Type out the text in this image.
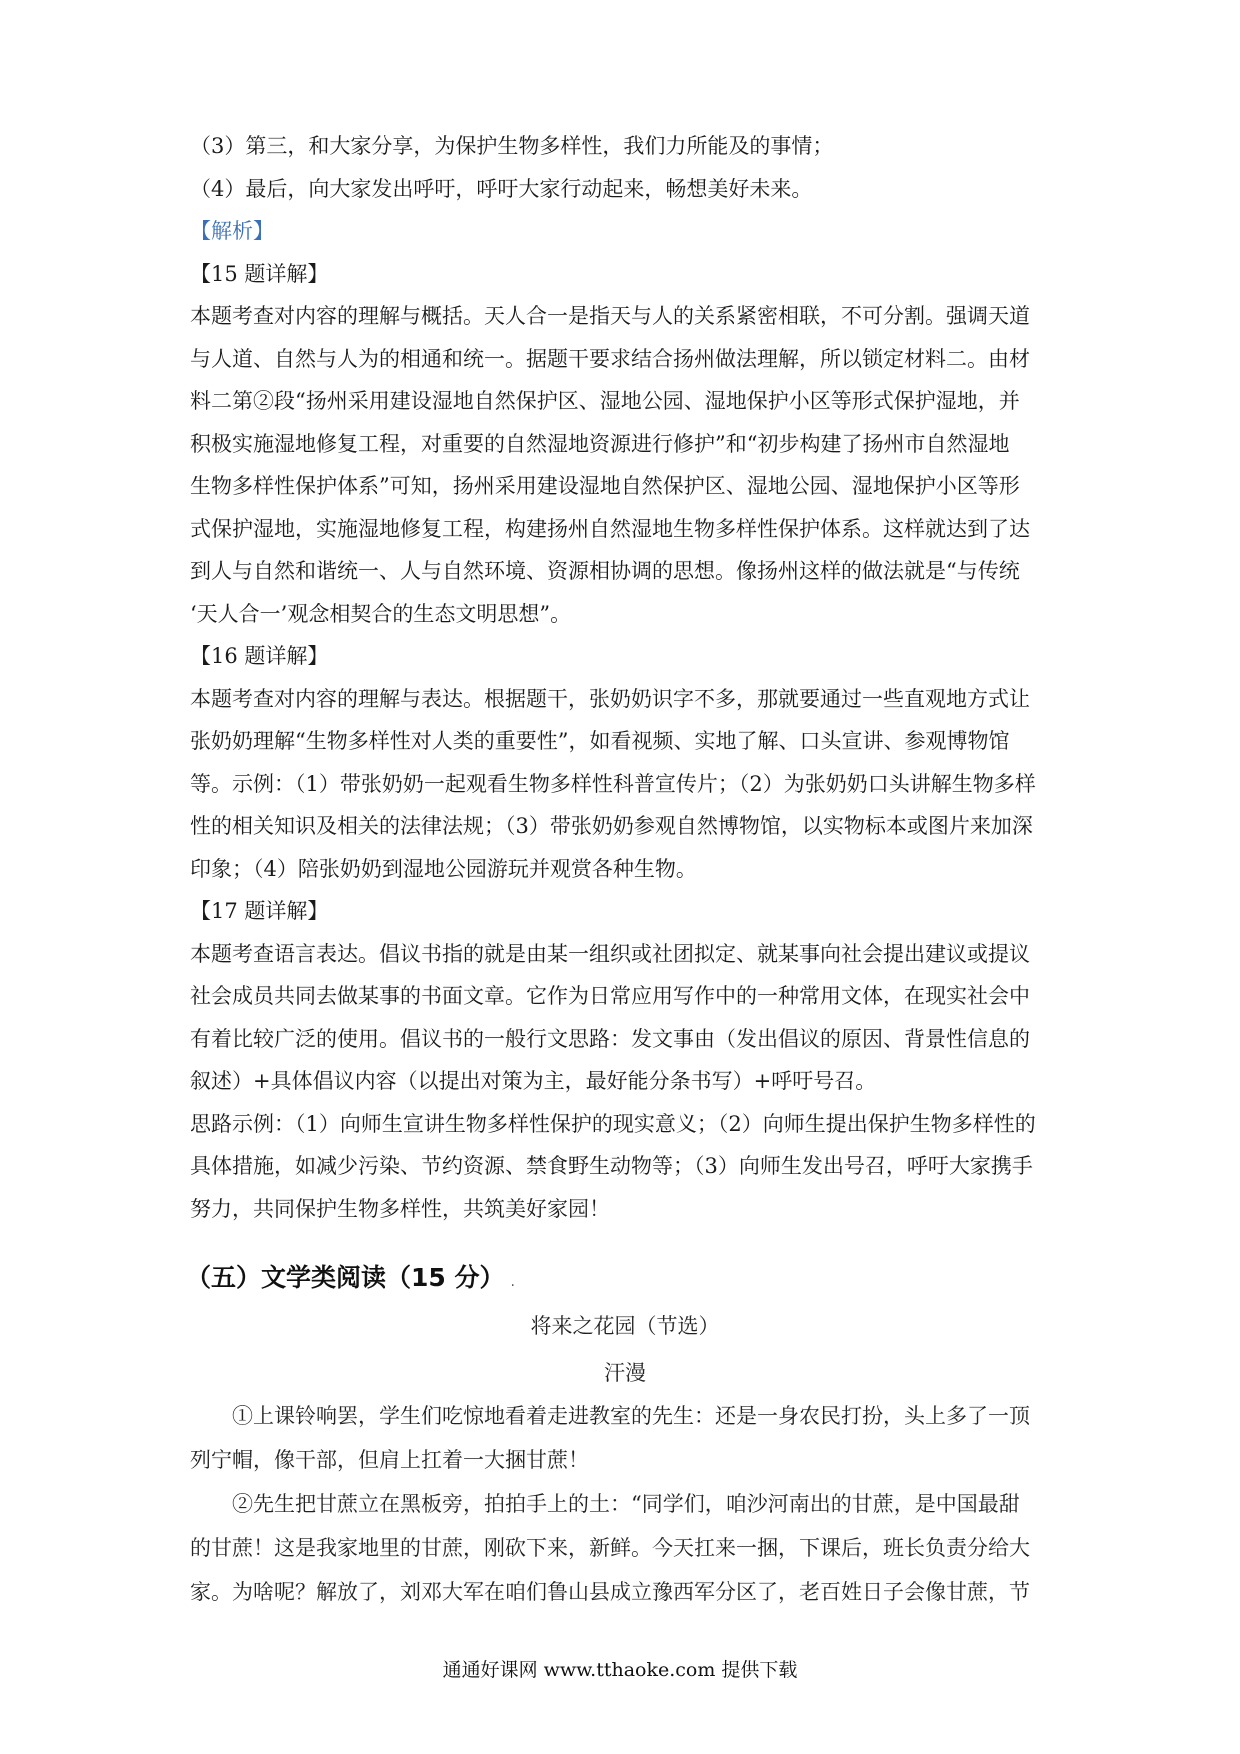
（3）第三，和大家分享，为保护生物多样性，我们力所能及的事情；
（4）最后，向大家发出呼吁，呼吁大家行动起来，畅想美好未来。
【解析】
【15 题详解】
本题考查对内容的理解与概括。天人合一是指天与人的关系紧密相联，不可分割。强调天道
与人道、自然与人为的相通和统一。据题干要求结合扬州做法理解，所以锁定材料二。由材
料二第②段“扬州采用建设湿地自然保护区、湿地公园、湿地保护小区等形式保护湿地，并
积极实施湿地修复工程，对重要的自然湿地资源进行修护”和“初步构建了扬州市自然湿地
生物多样性保护体系”可知，扬州采用建设湿地自然保护区、湿地公园、湿地保护小区等形
式保护湿地，实施湿地修复工程，构建扬州自然湿地生物多样性保护体系。这样就达到了达
到人与自然和谐统一、人与自然环境、资源相协调的思想。像扬州这样的做法就是“与传统
‘天人合一’观念相契合的生态文明思想”。
【16 题详解】
本题考查对内容的理解与表达。根据题干，张奶奶识字不多，那就要通过一些直观地方式让
张奶奶理解“生物多样性对人类的重要性”，如看视频、实地了解、口头宣讲、参观博物馆
等。示例：（1）带张奶奶一起观看生物多样性科普宣传片；（2）为张奶奶口头讲解生物多样
性的相关知识及相关的法律法规；（3）带张奶奶参观自然博物馆，以实物标本或图片来加深
印象；（4）陪张奶奶到湿地公园游玩并观赏各种生物。
【17 题详解】
本题考查语言表达。倡议书指的就是由某一组织或社团拟定、就某事向社会提出建议或提议
社会成员共同去做某事的书面文章。它作为日常应用写作中的一种常用文体，在现实社会中
有着比较广泛的使用。倡议书的一般行文思路：发文事由（发出倡议的原因、背景性信息的
叙述）+具体倡议内容（以提出对策为主，最好能分条书写）+呼吁号召。
思路示例：（1）向师生宣讲生物多样性保护的现实意义；（2）向师生提出保护生物多样性的
具体措施，如减少污染、节约资源、禁食野生动物等；（3）向师生发出号召，呼吁大家携手
努力，共同保护生物多样性，共筑美好家园！
（五）文学类阅读（15 分） .
将来之花园（节选）
汗漫
①上课铃响罢，学生们吃惊地看着走进教室的先生：还是一身农民打扮，头上多了一顶
列宁帽，像干部，但肩上扛着一大捆甘蔗！
②先生把甘蔗立在黑板旁，拍拍手上的土：“同学们，咱沙河南出的甘蔗，是中国最甜
的甘蔗！这是我家地里的甘蔗，刚砍下来，新鲜。今天扛来一捆，下课后，班长负责分给大
家。为啥呢？解放了，刘邓大军在咱们鲁山县成立豫西军分区了，老百姓日子会像甘蔗，节
通通好课网 www.tthaoke.com 提供下载
